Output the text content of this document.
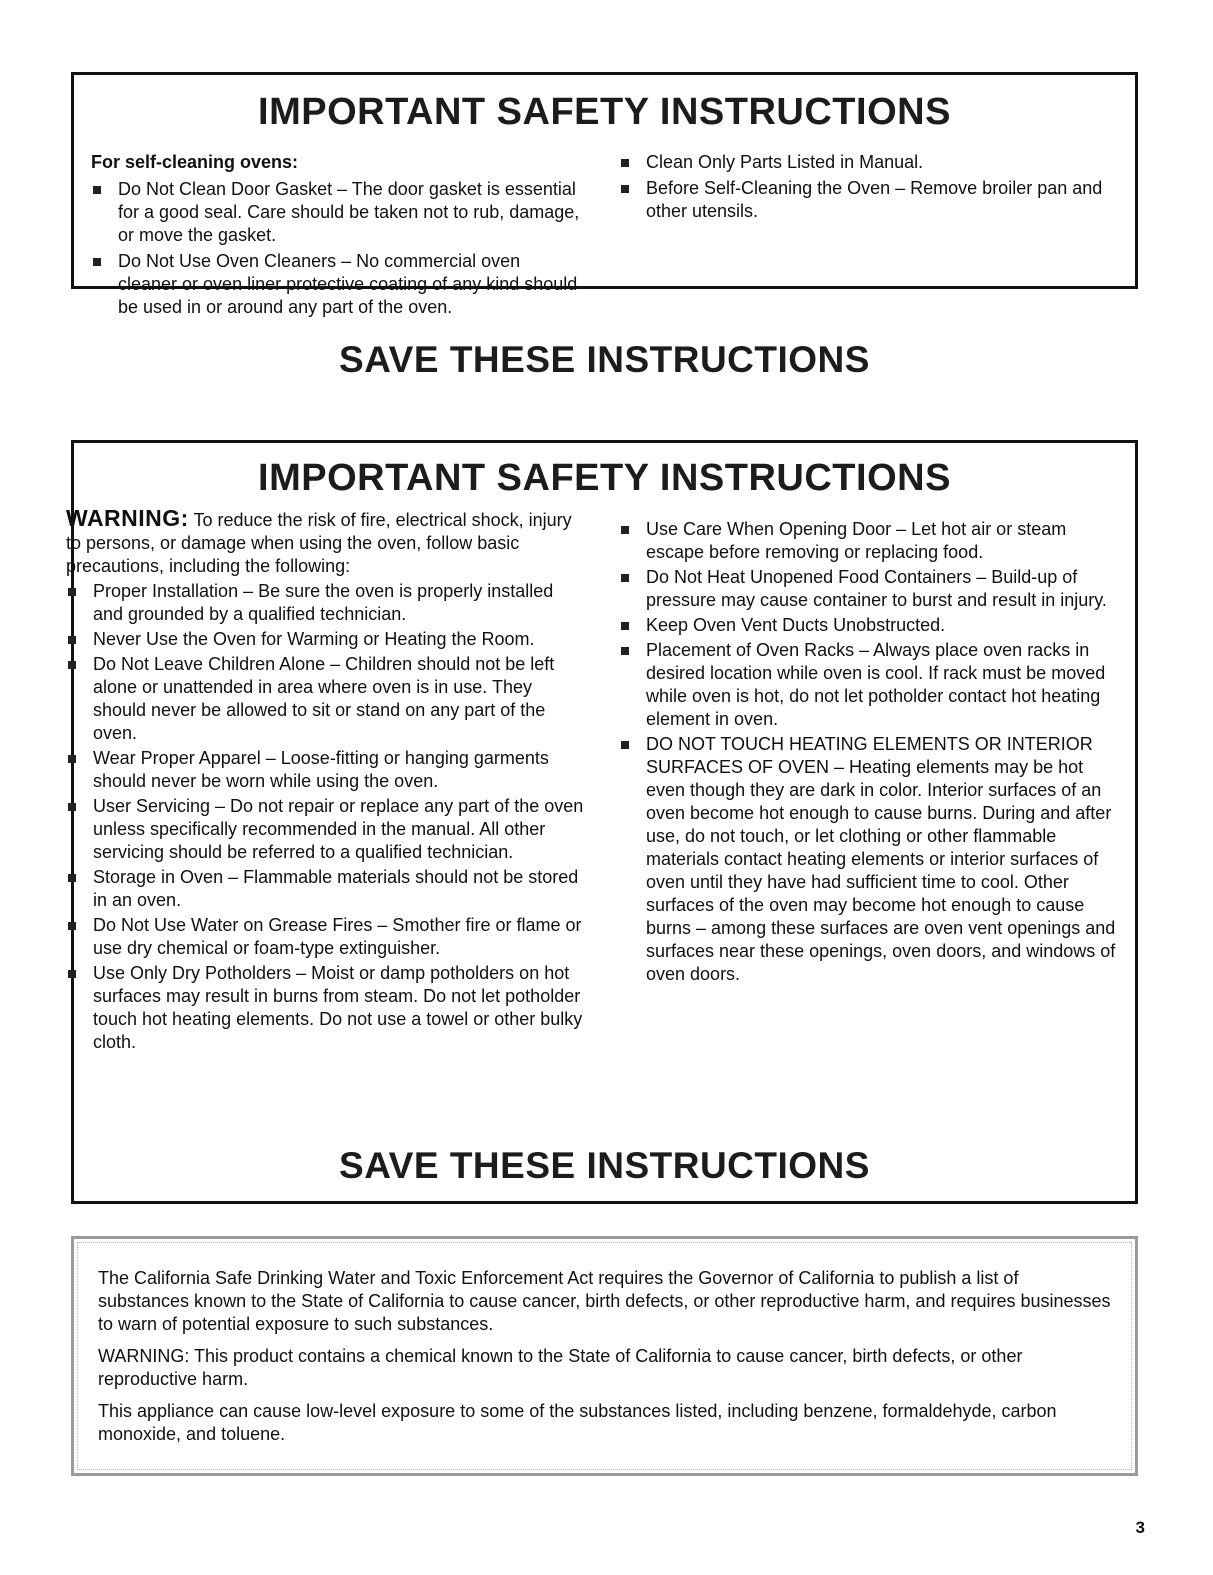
IMPORTANT SAFETY INSTRUCTIONS
For self-cleaning ovens:
Do Not Clean Door Gasket – The door gasket is essential for a good seal. Care should be taken not to rub, damage, or move the gasket.
Do Not Use Oven Cleaners – No commercial oven cleaner or oven liner protective coating of any kind should be used in or around any part of the oven.
Clean Only Parts Listed in Manual.
Before Self-Cleaning the Oven – Remove broiler pan and other utensils.
SAVE THESE INSTRUCTIONS
IMPORTANT SAFETY INSTRUCTIONS

WARNING: To reduce the risk of fire, electrical shock, injury to persons, or damage when using the oven, follow basic precautions, including the following:

Proper Installation – Be sure the oven is properly installed and grounded by a qualified technician.
Never Use the Oven for Warming or Heating the Room.
Do Not Leave Children Alone – Children should not be left alone or unattended in area where oven is in use. They should never be allowed to sit or stand on any part of the oven.
Wear Proper Apparel – Loose-fitting or hanging garments should never be worn while using the oven.
User Servicing – Do not repair or replace any part of the oven unless specifically recommended in the manual. All other servicing should be referred to a qualified technician.
Storage in Oven – Flammable materials should not be stored in an oven.
Do Not Use Water on Grease Fires – Smother fire or flame or use dry chemical or foam-type extinguisher.
Use Only Dry Potholders – Moist or damp potholders on hot surfaces may result in burns from steam. Do not let potholder touch hot heating elements. Do not use a towel or other bulky cloth.
Use Care When Opening Door – Let hot air or steam escape before removing or replacing food.
Do Not Heat Unopened Food Containers – Build-up of pressure may cause container to burst and result in injury.
Keep Oven Vent Ducts Unobstructed.
Placement of Oven Racks – Always place oven racks in desired location while oven is cool. If rack must be moved while oven is hot, do not let potholder contact hot heating element in oven.
DO NOT TOUCH HEATING ELEMENTS OR INTERIOR SURFACES OF OVEN – Heating elements may be hot even though they are dark in color. Interior surfaces of an oven become hot enough to cause burns. During and after use, do not touch, or let clothing or other flammable materials contact heating elements or interior surfaces of oven until they have had sufficient time to cool. Other surfaces of the oven may become hot enough to cause burns – among these surfaces are oven vent openings and surfaces near these openings, oven doors, and windows of oven doors.
SAVE THESE INSTRUCTIONS

The California Safe Drinking Water and Toxic Enforcement Act requires the Governor of California to publish a list of substances known to the State of California to cause cancer, birth defects, or other reproductive harm, and requires businesses to warn of potential exposure to such substances.

WARNING: This product contains a chemical known to the State of California to cause cancer, birth defects, or other reproductive harm.

This appliance can cause low-level exposure to some of the substances listed, including benzene, formaldehyde, carbon monoxide, and toluene.

3
